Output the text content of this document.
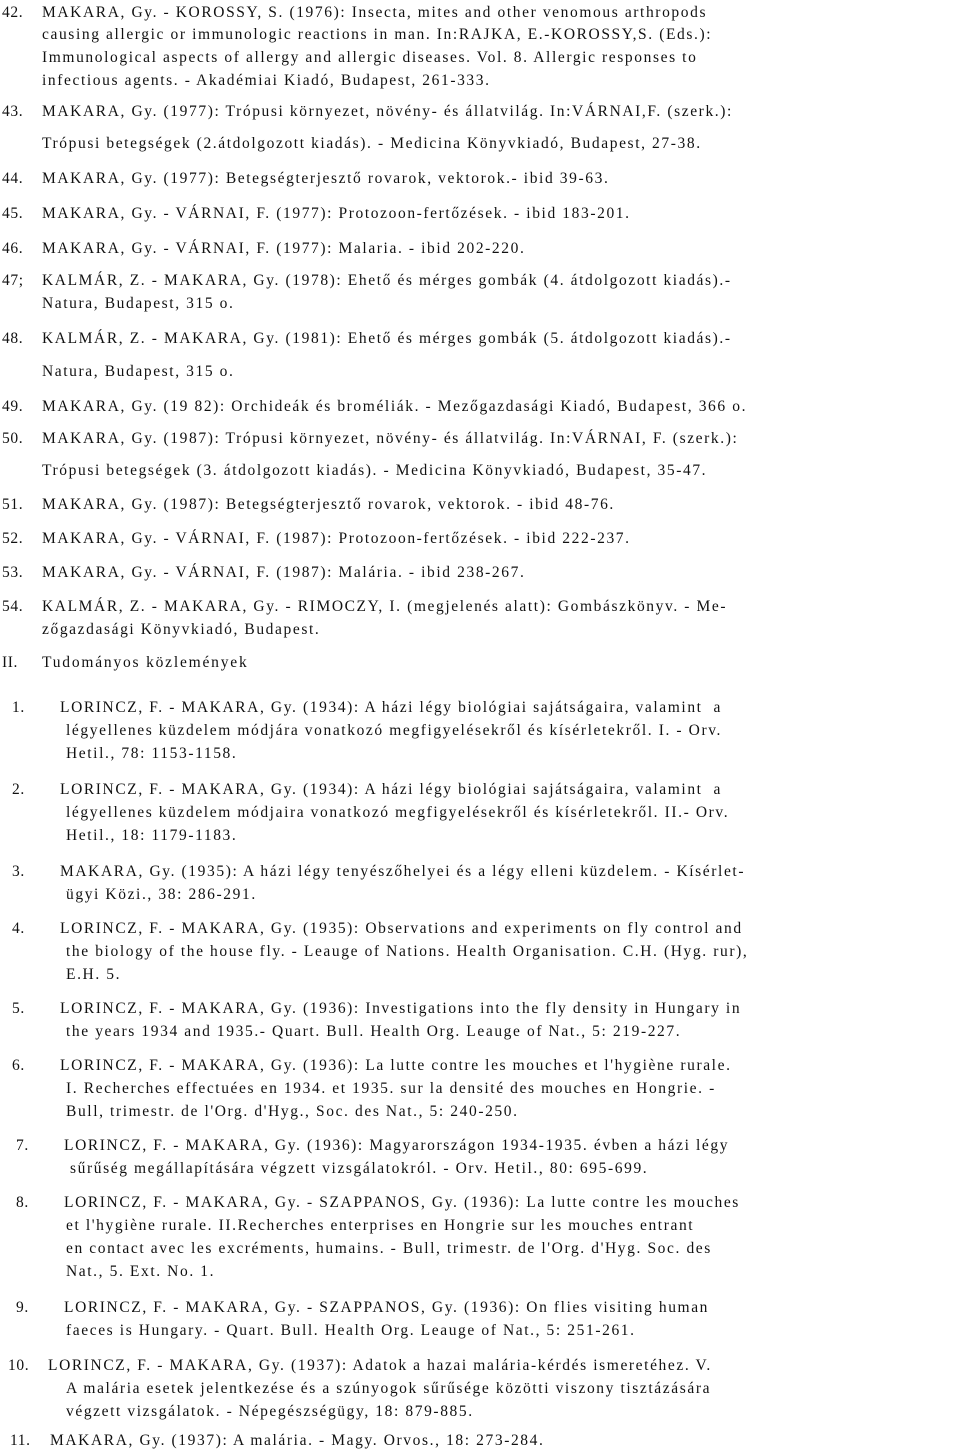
42. MAKARA, Gy. - KOROSSY, S. (1976): Insecta, mites and other venomous arthropods
causing allergic or immunologic reactions in man. In:RAJKA, E.-KOROSSY,S. (Eds.):
Immunological aspects of allergy and allergic diseases. Vol. 8. Allergic responses to
infectious agents. - Akadémiai Kiadó, Budapest, 261-333.
43. MAKARA, Gy. (1977): Trópusi környezet, növény- és állatvilág. In:VÁRNAI,F. (szerk.):
Trópusi betegségek (2.átdolgozott kiadás). - Medicina Könyvkiadó, Budapest, 27-38.
44. MAKARA, Gy. (1977): Betegségterjesztő rovarok, vektorok.- ibid 39-63.
45. MAKARA, Gy. - VÁRNAI, F. (1977): Protozoon-fertőzések. - ibid 183-201.
46. MAKARA, Gy. - VÁRNAI, F. (1977): Malaria. - ibid 202-220.
47; KALMÁR, Z. - MAKARA, Gy. (1978): Ehető és mérges gombák (4. átdolgozott kiadás).-
Natura, Budapest, 315 o.
48. KALMÁR, Z. - MAKARA, Gy. (1981): Ehető és mérges gombák (5. átdolgozott kiadás).-
Natura, Budapest, 315 o.
49. MAKARA, Gy. (19 82): Orchideák és broméliák. - Mezőgazdasági Kiadó, Budapest, 366 o.
50. MAKARA, Gy. (1987): Trópusi környezet, növény- és állatvilág. In:VÁRNAI, F. (szerk.):
Trópusi betegségek (3. átdolgozott kiadás). - Medicina Könyvkiadó, Budapest, 35-47.
51. MAKARA, Gy. (1987): Betegségterjesztő rovarok, vektorok. - ibid 48-76.
52. MAKARA, Gy. - VÁRNAI, F. (1987): Protozoon-fertőzések. - ibid 222-237.
53. MAKARA, Gy. - VÁRNAI, F. (1987): Malária. - ibid 238-267.
54. KALMÁR, Z. - MAKARA, Gy. - RIMOCZY, I. (megjelenés alatt): Gombászkönyv. - Me-
zőgazdasági Könyvkiadó, Budapest.
II. Tudományos közlemények
1. LORINCZ, F. - MAKARA, Gy. (1934): A házi légy biológiai sajátságaira, valamint  a
légyellenes küzdelem módjára vonatkozó megfigyelésekről és kísérletekről. I. - Orv.
Hetil., 78: 1153-1158.
2. LORINCZ, F. - MAKARA, Gy. (1934): A házi légy biológiai sajátságaira, valamint  a
légyellenes küzdelem módjaira vonatkozó megfigyelésekről és kísérletekről. II.- Orv.
Hetil., 18: 1179-1183.
3. MAKARA, Gy. (1935): A házi légy tenyészőhelyei és a légy elleni küzdelem. - Kísérlet-
ügyi Közi., 38: 286-291.
4. LORINCZ, F. - MAKARA, Gy. (1935): Observations and experiments on fly control and
the biology of the house fly. - Leauge of Nations. Health Organisation. C.H. (Hyg. rur),
E.H. 5.
5. LORINCZ, F. - MAKARA, Gy. (1936): Investigations into the fly density in Hungary in
the years 1934 and 1935.- Quart. Bull. Health Org. Leauge of Nat., 5: 219-227.
6. LORINCZ, F. - MAKARA, Gy. (1936): La lutte contre les mouches et l'hygiène rurale.
I. Recherches effectuées en 1934. et 1935. sur la densité des mouches en Hongrie. -
Bull, trimestr. de l'Org. d'Hyg., Soc. des Nat., 5: 240-250.
7. LORINCZ, F. - MAKARA, Gy. (1936): Magyarországon 1934-1935. évben a házi légy
sűrűség megállapítására végzett vizsgálatokról. - Orv. Hetil., 80: 695-699.
8. LORINCZ, F. - MAKARA, Gy. - SZAPPANOS, Gy. (1936): La lutte contre les mouches
et l'hygiène rurale. II.Recherches enterprises en Hongrie sur les mouches entrant
en contact avec les excréments, humains. - Bull, trimestr. de l'Org. d'Hyg. Soc. des
Nat., 5. Ext. No. 1.
9. LORINCZ, F. - MAKARA, Gy. - SZAPPANOS, Gy. (1936): On flies visiting human
faeces is Hungary. - Quart. Bull. Health Org. Leauge of Nat., 5: 251-261.
10. LORINCZ, F. - MAKARA, Gy. (1937): Adatok a hazai malária-kérdés ismeretéhez. V.
A malária esetek jelentkezése és a szúnyogok sűrűsége közötti viszony tisztázására
végzett vizsgálatok. - Népegészségügy, 18: 879-885.
11. MAKARA, Gy. (1937): A malária. - Magy. Orvos., 18: 273-284.
